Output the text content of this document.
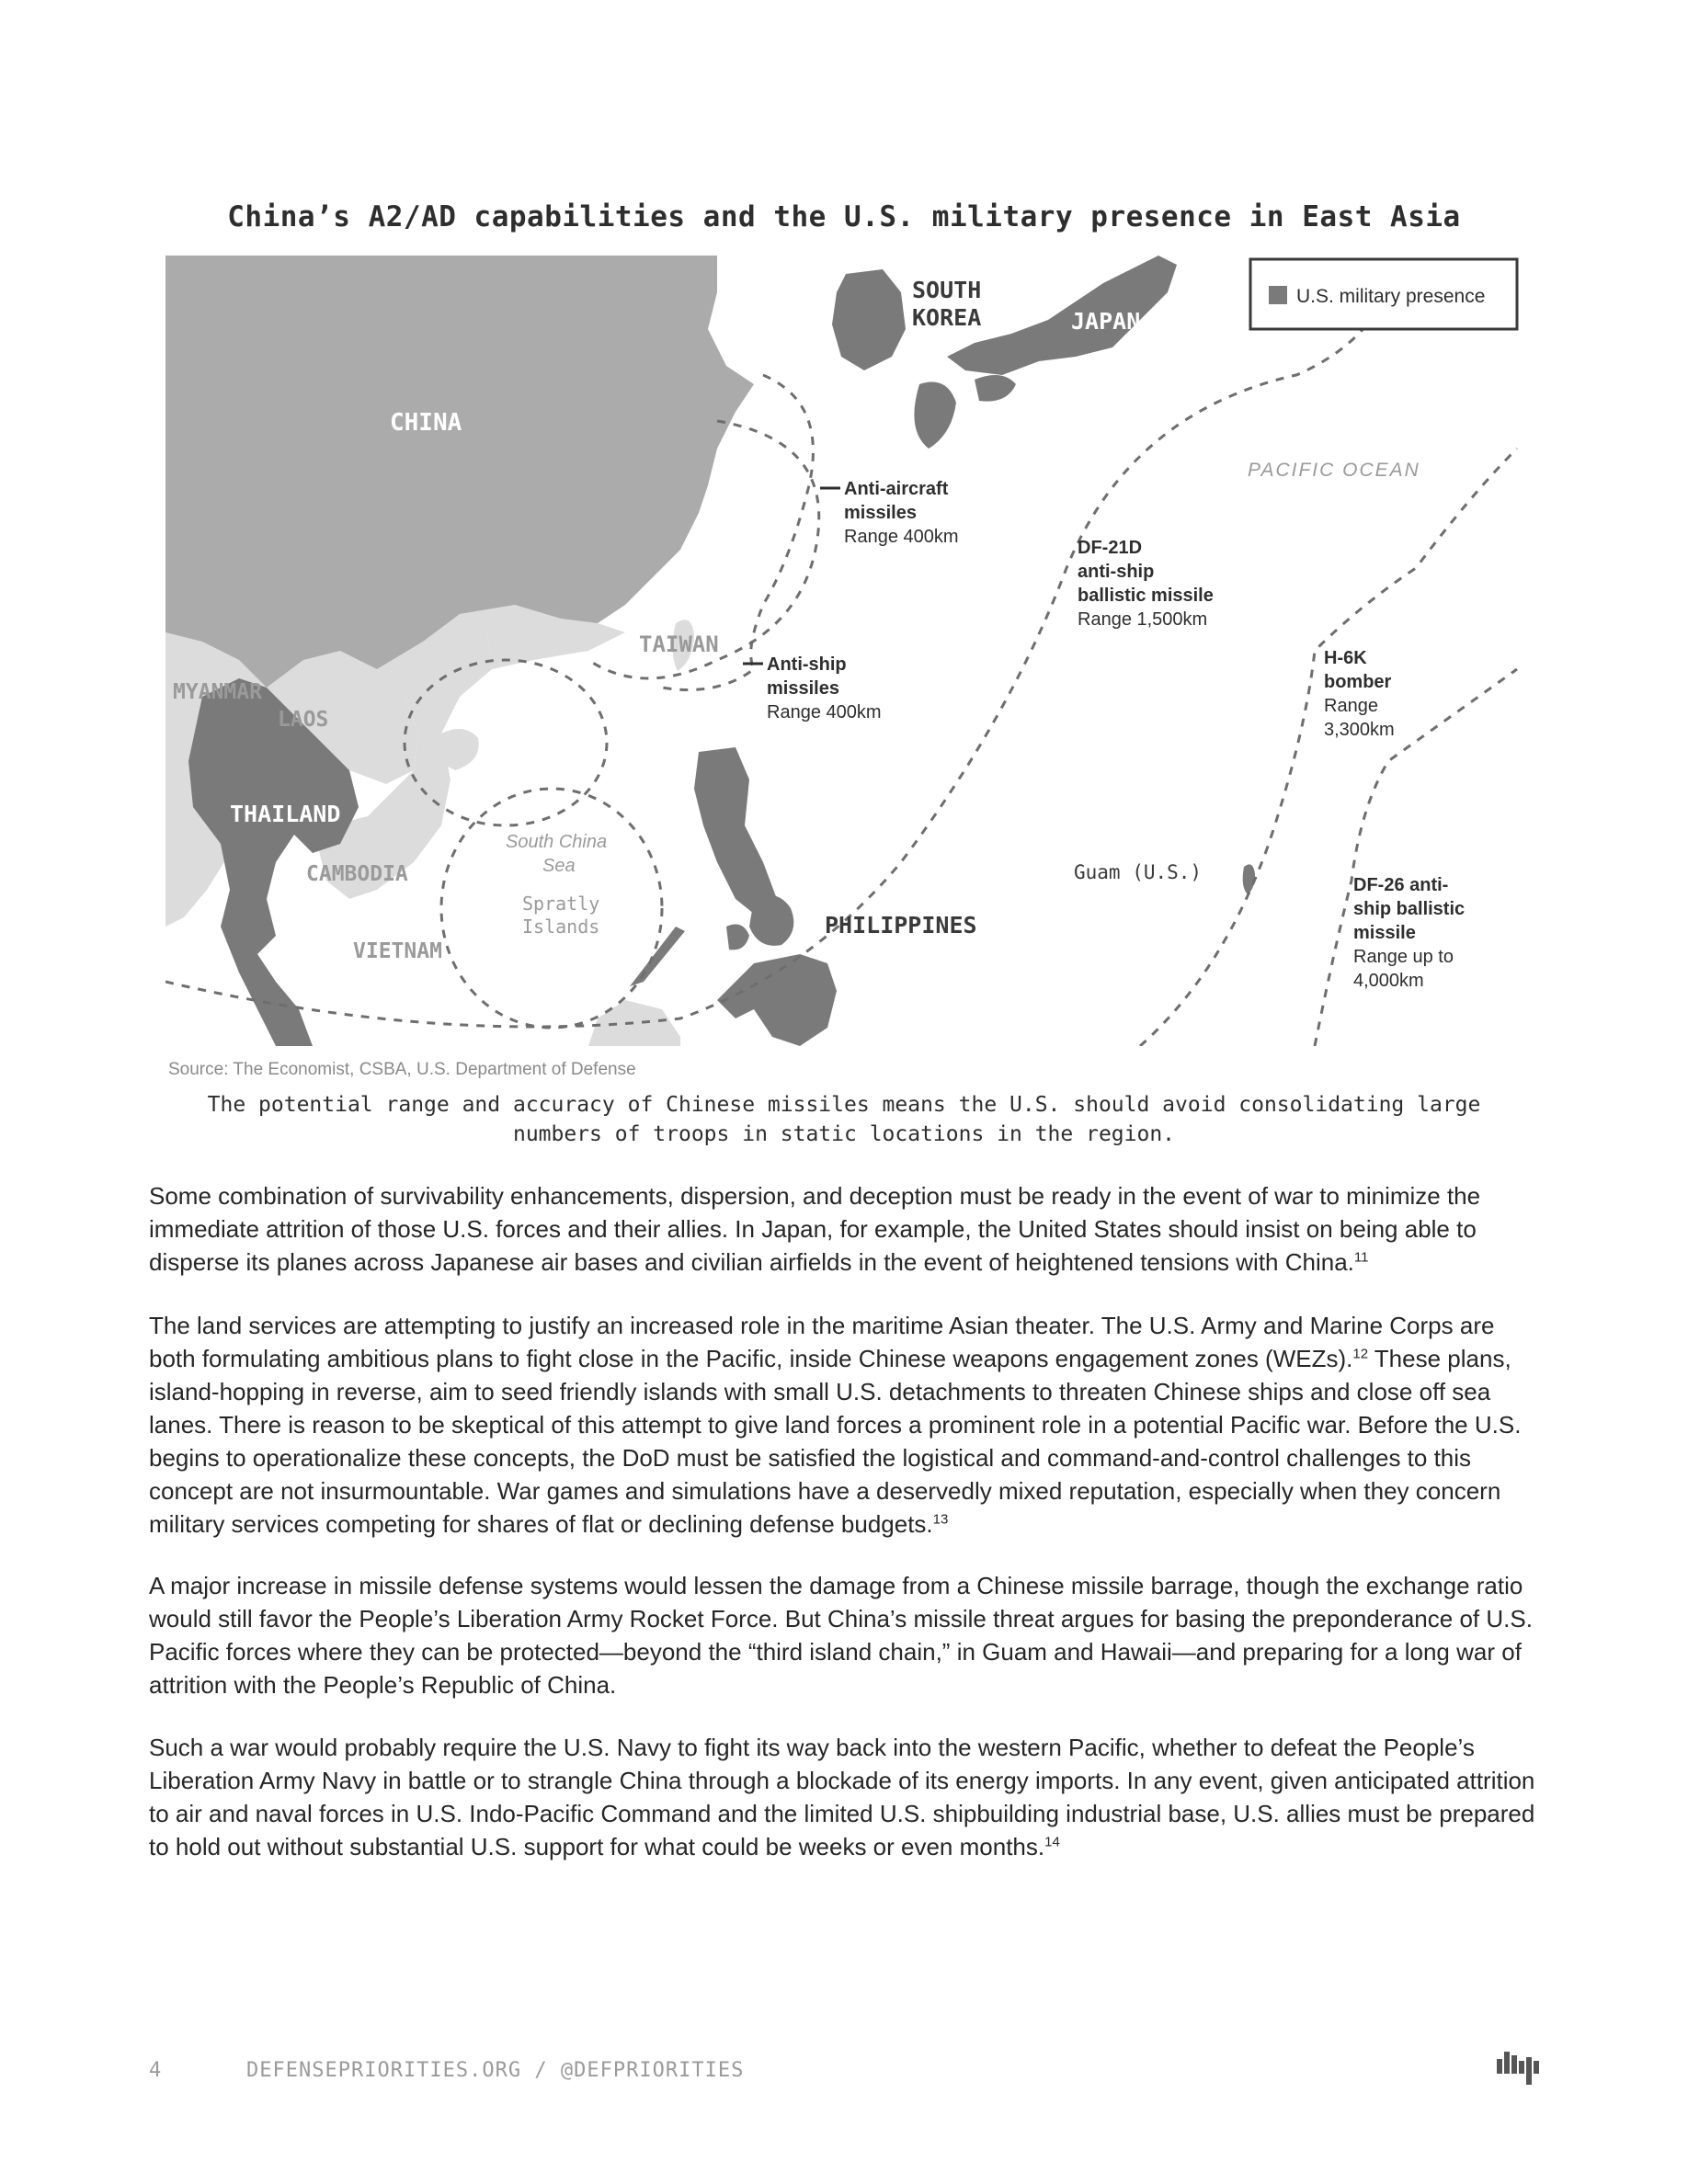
China’s A2/AD capabilities and the U.S. military presence in East Asia
U.S. military presence
CHINA
SOUTH
KOREA	JAPAN
TAIWAN
MYANMAR
LAOS
THAILAND
CAMBODIA
VIETNAM
PHILIPPINES
Guam (U.S.)
PACIFIC OCEAN
South China
Sea
Spratly
Islands
Anti-aircraft
missiles
Range 400km
Anti-ship
missiles
Range 400km
DF-21D
anti-ship
ballistic missile
Range 1,500km
H-6K
bomber
Range
3,300km
DF-26 anti-
ship ballistic
missile
Range up to
4,000km
Source: The Economist, CSBA, U.S. Department of Defense
The potential range and accuracy of Chinese missiles means the U.S. should avoid consolidating large numbers of troops in static locations in the region.

Some combination of survivability enhancements, dispersion, and deception must be ready in the event of war to minimize the immediate attrition of those U.S. forces and their allies. In Japan, for example, the United States should insist on being able to disperse its planes across Japanese air bases and civilian airfields in the event of heightened tensions with China.$^{11}$

The land services are attempting to justify an increased role in the maritime Asian theater. The U.S. Army and Marine Corps are both formulating ambitious plans to fight close in the Pacific, inside Chinese weapons engagement zones (WEZs).$^{12}$ These plans, island-hopping in reverse, aim to seed friendly islands with small U.S. detachments to threaten Chinese ships and close off sea lanes. There is reason to be skeptical of this attempt to give land forces a prominent role in a potential Pacific war. Before the U.S. begins to operationalize these concepts, the DoD must be satisfied the logistical and command-and-control challenges to this concept are not insurmountable. War games and simulations have a deservedly mixed reputation, especially when they concern military services competing for shares of flat or declining defense budgets.$^{13}$

A major increase in missile defense systems would lessen the damage from a Chinese missile barrage, though the exchange ratio would still favor the People’s Liberation Army Rocket Force. But China’s missile threat argues for basing the preponderance of U.S. Pacific forces where they can be protected—beyond the “third island chain,” in Guam and Hawaii—and preparing for a long war of attrition with the People’s Republic of China.

Such a war would probably require the U.S. Navy to fight its way back into the western Pacific, whether to defeat the People’s Liberation Army Navy in battle or to strangle China through a blockade of its energy imports. In any event, given anticipated attrition to air and naval forces in U.S. Indo-Pacific Command and the limited U.S. shipbuilding industrial base, U.S. allies must be prepared to hold out without substantial U.S. support for what could be weeks or even months.$^{14}$

4	DEFENSEPRIORITIES.ORG / @DEFPRIORITIES
